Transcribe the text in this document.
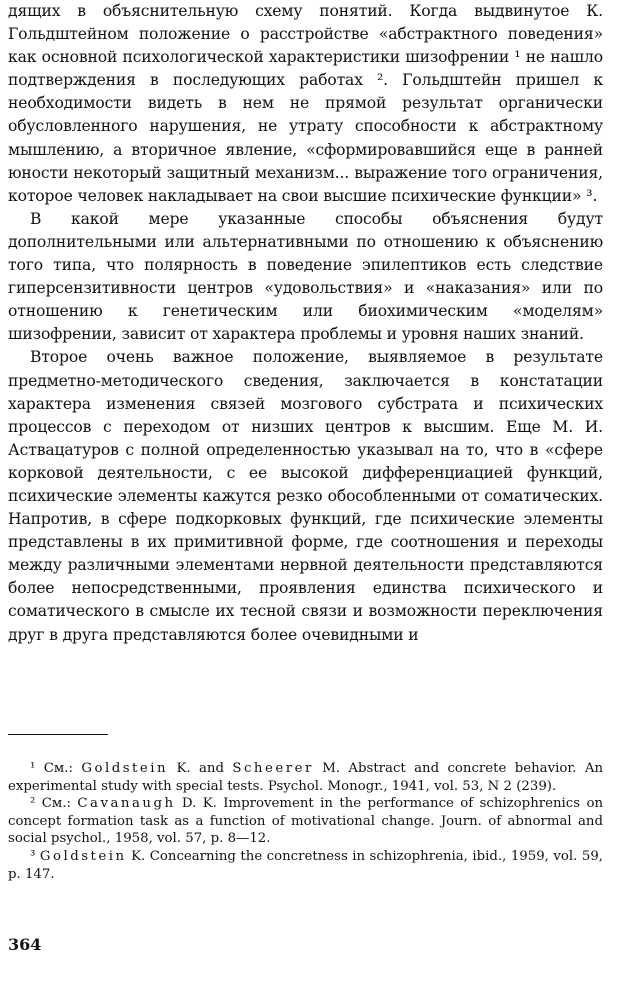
дящих в объяснительную схему понятий. Когда выдвинутое К. Гольдштейном положение о расстройстве «абстрактного поведения» как основной психологической характеристики шизофрении ¹ не нашло подтверждения в последующих работах ². Гольдштейн пришел к необходимости видеть в нем не прямой результат органически обусловленного нарушения, не утрату способности к абстрактному мышлению, а вторичное явление, «сформировавшийся еще в ранней юности некоторый защитный механизм... выражение того ограничения, которое человек накладывает на свои высшие психические функции» ³.

В какой мере указанные способы объяснения будут дополнительными или альтернативными по отношению к объяснению того типа, что полярность в поведение эпилептиков есть следствие гиперсензитивности центров «удовольствия» и «наказания» или по отношению к генетическим или биохимическим «моделям» шизофрении, зависит от характера проблемы и уровня наших знаний.

Второе очень важное положение, выявляемое в результате предметно-методического сведения, заключается в констатации характера изменения связей мозгового субстрата и психических процессов с переходом от низших центров к высшим. Еще М. И. Аствацатуров с полной определенностью указывал на то, что в «сфере корковой деятельности, с ее высокой дифференциацией функций, психические элементы кажутся резко обособленными от соматических. Напротив, в сфере подкорковых функций, где психические элементы представлены в их примитивной форме, где соотношения и переходы между различными элементами нервной деятельности представляются более непосредственными, проявления единства психического и соматического в смысле их тесной связи и возможности переключения друг в друга представляются более очевидными и

¹ См.: Goldstein K. and Scheerer M. Abstract and concrete behavior. An experimental study with special tests. Psychol. Monogr., 1941, vol. 53, N 2 (239).

² См.: Cavanaugh D. K. Improvement in the performance of schizophrenics on concept formation task as a function of motivational change. Journ. of abnormal and social psychol., 1958, vol. 57, p. 8—12.

³ Goldstein K. Concearning the concretness in schizophrenia, ibid., 1959, vol. 59, p. 147.

364
